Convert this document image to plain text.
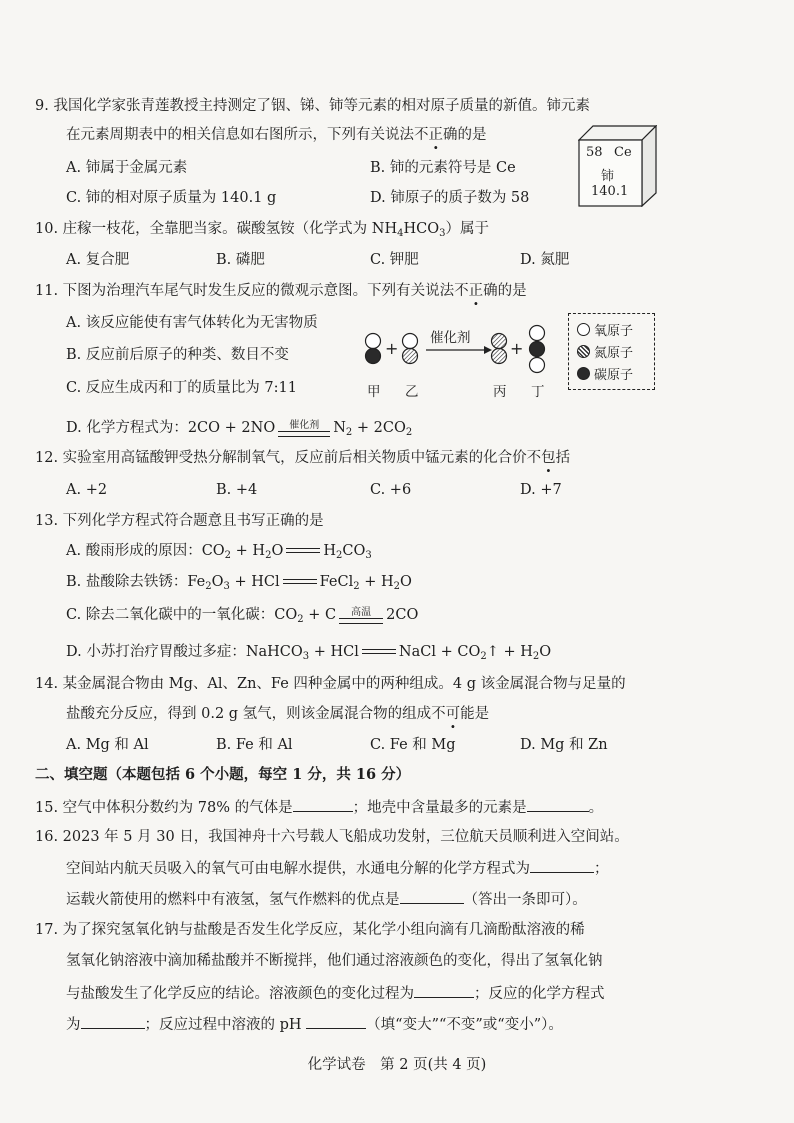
9. 我国化学家张青莲教授主持测定了铟、锑、铈等元素的相对原子质量的新值。铈元素
在元素周期表中的相关信息如右图所示，下列有关说法不正确的是
A. 铈属于金属元素	B. 铈的元素符号是 Ce
C. 铈的相对原子质量为 140.1 g	D. 铈原子的质子数为 58
58 Ce
铈
140.1
10. 庄稼一枝花，全靠肥当家。碳酸氢铵（化学式为 $NH_4HCO_3$）属于
A. 复合肥	B. 磷肥	C. 钾肥	D. 氮肥
11. 下图为治理汽车尾气时发生反应的微观示意图。下列有关说法不正确的是
A. 该反应能使有害气体转化为无害物质
B. 反应前后原子的种类、数目不变
C. 反应生成丙和丁的质量比为 7:11
D. 化学方程式为：2CO + 2NO	催化剂 $N_2 + 2CO_2$
+	+
催化剂
甲 乙	丙 丁
氧原子
氮原子
碳原子
12. 实验室用高锰酸钾受热分解制氧气，反应前后相关物质中锰元素的化合价不包括
A. +2	B. +4	C. +6	D. +7
13. 下列化学方程式符合题意且书写正确的是
A. 酸雨形成的原因：$CO_2 + H_2O$	$H_2CO_3$
B. 盐酸除去铁锈：$Fe_2O_3$ + HCl	FeCl$_2$ + $H_2O$
C. 除去二氧化碳中的一氧化碳：$CO_2 + C$	高温	2CO
D. 小苏打治疗胃酸过多症：NaHCO$_3$ + HCl	NaCl + $CO_2↑ + H_2O$
14. 某金属混合物由 Mg、Al、Zn、Fe 四种金属中的两种组成。4 g 该金属混合物与足量的
盐酸充分反应，得到 0.2 g 氢气，则该金属混合物的组成不可能是
A. Mg 和 Al	B. Fe 和 Al	C. Fe 和 Mg	D. Mg 和 Zn
二、填空题（本题包括 6 个小题，每空 1 分，共 16 分）
15. 空气中体积分数约为 78% 的气体是	；地壳中含量最多的元素是	。
16. 2023 年 5 月 30 日，我国神舟十六号载人飞船成功发射，三位航天员顺利进入空间站。
空间站内航天员吸入的氧气可由电解水提供，水通电分解的化学方程式为	；
运载火箭使用的燃料中有液氢，氢气作燃料的优点是	（答出一条即可）。
17. 为了探究氢氧化钠与盐酸是否发生化学反应，某化学小组向滴有几滴酚酞溶液的稀
氢氧化钠溶液中滴加稀盐酸并不断搅拌，他们通过溶液颜色的变化，得出了氢氧化钠
与盐酸发生了化学反应的结论。溶液颜色的变化过程为	；反应的化学方程式
为	；反应过程中溶液的 pH	（填“变大”“不变”或“变小”）。
化学试卷　第 2 页(共 4 页)
